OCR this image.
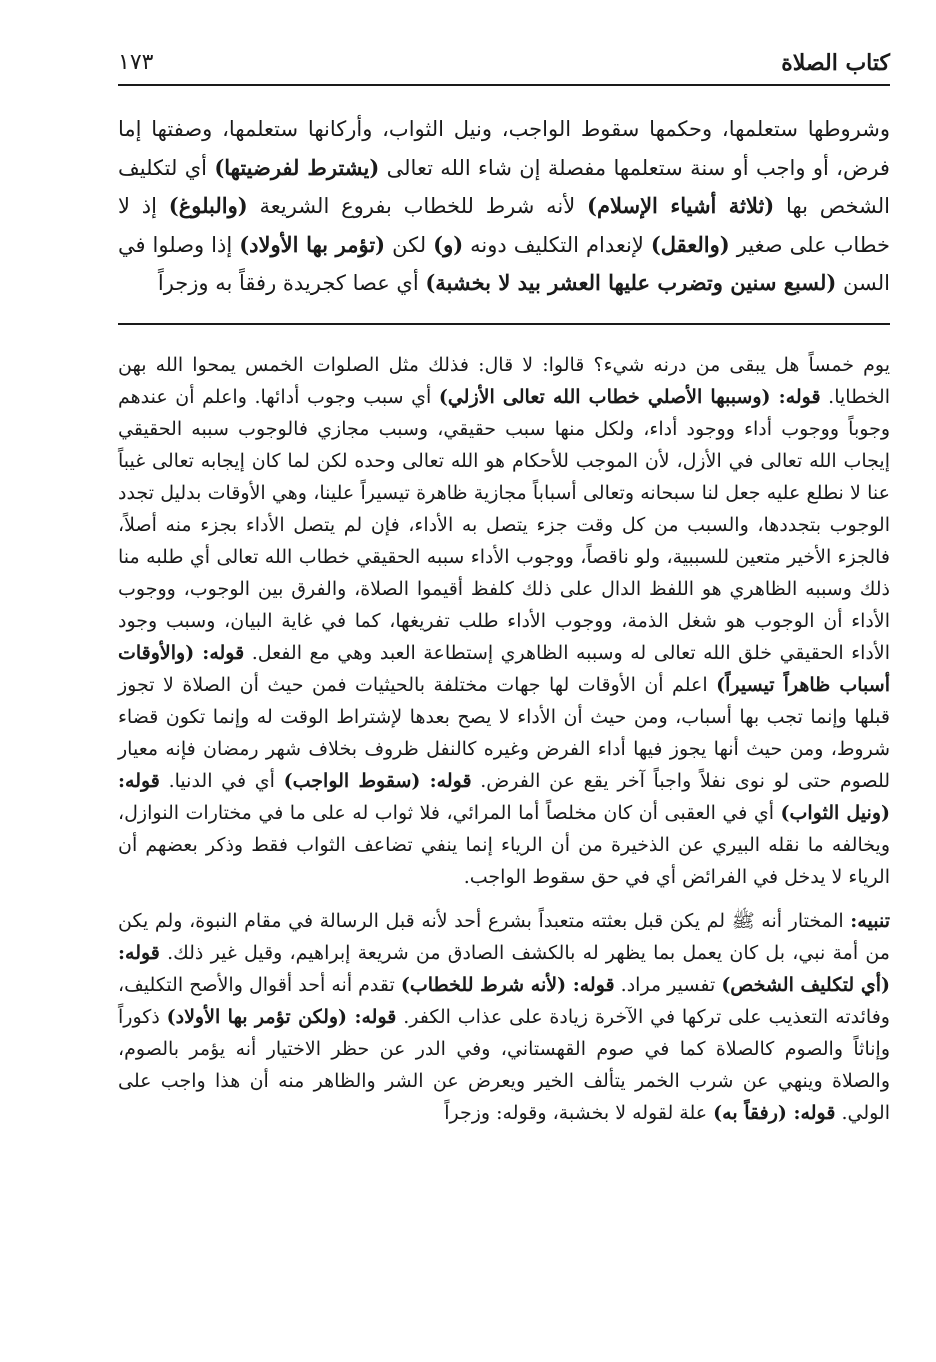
كتاب الصلاة
١٧٣
وشروطها ستعلمها، وحكمها سقوط الواجب، ونيل الثواب، وأركانها ستعلمها، وصفتها إما فرض، أو واجب أو سنة ستعلمها مفصلة إن شاء الله تعالى (يشترط لفرضيتها) أي لتكليف الشخص بها (ثلاثة أشياء الإسلام) لأنه شرط للخطاب بفروع الشريعة (والبلوغ) إذ لا خطاب على صغير (والعقل) لإنعدام التكليف دونه (و) لكن (تؤمر بها الأولاد) إذا وصلوا في السن (لسبع سنين وتضرب عليها العشر بيد لا بخشبة) أي عصا كجريدة رفقاً به وزجراً

يوم خمساً هل يبقى من درنه شيء؟ قالوا: لا قال: فذلك مثل الصلوات الخمس يمحوا الله بهن الخطايا. قوله: (وسببها الأصلي خطاب الله تعالى الأزلي) أي سبب وجوب أدائها. واعلم أن عندهم وجوباً ووجوب أداء ووجود أداء، ولكل منها سبب حقيقي، وسبب مجازي فالوجوب سببه الحقيقي إيجاب الله تعالى في الأزل، لأن الموجب للأحكام هو الله تعالى وحده لكن لما كان إيجابه تعالى غيباً عنا لا نطلع عليه جعل لنا سبحانه وتعالى أسباباً مجازية ظاهرة تيسيراً علينا، وهي الأوقات بدليل تجدد الوجوب بتجددها، والسبب من كل وقت جزء يتصل به الأداء، فإن لم يتصل الأداء بجزء منه أصلاً، فالجزء الأخير متعين للسببية، ولو ناقصاً، ووجوب الأداء سببه الحقيقي خطاب الله تعالى أي طلبه منا ذلك وسببه الظاهري هو اللفظ الدال على ذلك كلفظ أقيموا الصلاة، والفرق بين الوجوب، ووجوب الأداء أن الوجوب هو شغل الذمة، ووجوب الأداء طلب تفريغها، كما في غاية البيان، وسبب وجود الأداء الحقيقي خلق الله تعالى له وسببه الظاهري إستطاعة العبد وهي مع الفعل. قوله: (والأوقات أسباب ظاهراً تيسيراً) اعلم أن الأوقات لها جهات مختلفة بالحيثيات فمن حيث أن الصلاة لا تجوز قبلها وإنما تجب بها أسباب، ومن حيث أن الأداء لا يصح بعدها لإشتراط الوقت له وإنما تكون قضاء شروط، ومن حيث أنها يجوز فيها أداء الفرض وغيره كالنفل ظروف بخلاف شهر رمضان فإنه معيار للصوم حتى لو نوى نفلاً واجباً آخر يقع عن الفرض. قوله: (سقوط الواجب) أي في الدنيا. قوله: (ونيل الثواب) أي في العقبى أن كان مخلصاً أما المرائي، فلا ثواب له على ما في مختارات النوازل، ويخالفه ما نقله البيري عن الذخيرة من أن الرياء إنما ينفي تضاعف الثواب فقط وذكر بعضهم أن الرياء لا يدخل في الفرائض أي في حق سقوط الواجب.

تنبيه: المختار أنه ﷺ لم يكن قبل بعثته متعبداً بشرع أحد لأنه قبل الرسالة في مقام النبوة، ولم يكن من أمة نبي، بل كان يعمل بما يظهر له بالكشف الصادق من شريعة إبراهيم، وقيل غير ذلك. قوله: (أي لتكليف الشخص) تفسير مراد. قوله: (لأنه شرط للخطاب) تقدم أنه أحد أقوال والأصح التكليف، وفائدته التعذيب على تركها في الآخرة زيادة على عذاب الكفر. قوله: (ولكن تؤمر بها الأولاد) ذكوراً وإناثاً والصوم كالصلاة كما في صوم القهستاني، وفي الدر عن حظر الاختيار أنه يؤمر بالصوم، والصلاة وينهي عن شرب الخمر يتألف الخير ويعرض عن الشر والظاهر منه أن هذا واجب على الولي. قوله: (رفقاً به) علة لقوله لا بخشبة، وقوله: وزجراً
